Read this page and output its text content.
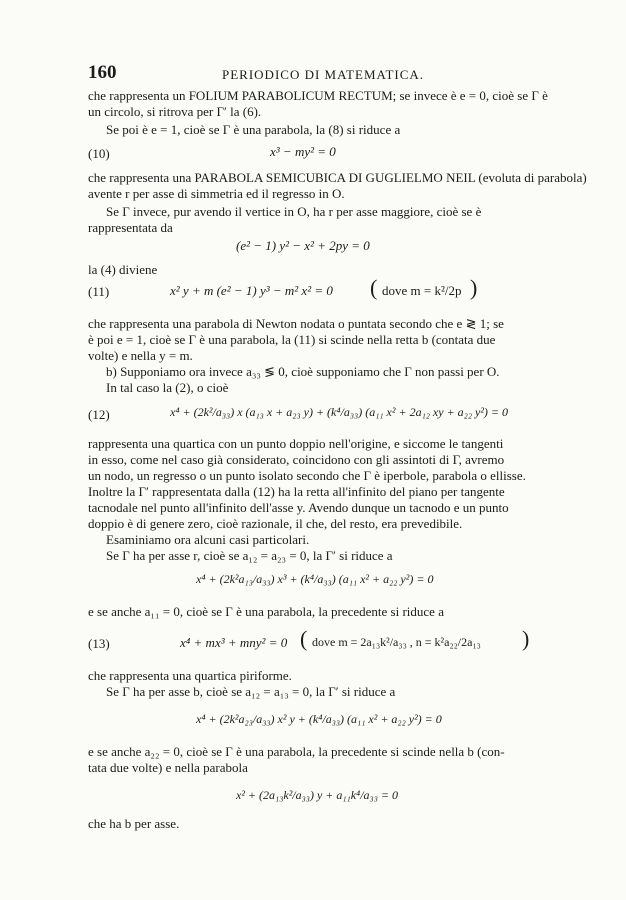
160	PERIODICO DI MATEMATICA.
che rappresenta un FOLIUM PARABOLICUM RECTUM; se invece è e = 0, cioè se Γ è
un circolo, si ritrova per Γ′ la (6).
Se poi è e = 1, cioè se Γ è una parabola, la (8) si riduce a
(10)	x³ − my² = 0
che rappresenta una PARABOLA SEMICUBICA DI GUGLIELMO NEIL (evoluta di parabola)
avente r per asse di simmetria ed il regresso in O.
Se Γ invece, pur avendo il vertice in O, ha r per asse maggiore, cioè se è
rappresentata da
(e² − 1) y² − x² + 2py = 0
la (4) diviene
(11)	x² y + m (e² − 1) y³ − m² x² = 0 ( dove m = k²/2p )
che rappresenta una parabola di Newton nodata o puntata secondo che e ≷ 1; se
è poi e = 1, cioè se Γ è una parabola, la (11) si scinde nella retta b (contata due
volte) e nella y = m.
b) Supponiamo ora invece a₃₃ ≶ 0, cioè supponiamo che Γ non passi per O.
In tal caso la (2), o cioè
(12)	x⁴ + (2k²/a₃₃) x (a₁₃ x + a₂₃ y) + (k⁴/a₃₃) (a₁₁ x² + 2a₁₂ xy + a₂₂ y²) = 0
rappresenta una quartica con un punto doppio nell'origine, e siccome le tangenti
in esso, come nel caso già considerato, coincidono con gli assintoti di Γ, avremo
un nodo, un regresso o un punto isolato secondo che Γ è iperbole, parabola o ellisse.
Inoltre la Γ′ rappresentata dalla (12) ha la retta all'infinito del piano per tangente
tacnodale nel punto all'infinito dell'asse y. Avendo dunque un tacnodo e un punto
doppio è di genere zero, cioè razionale, il che, del resto, era prevedibile.
Esaminiamo ora alcuni casi particolari.
Se Γ ha per asse r, cioè se a₁₂ = a₂₃ = 0, la Γ′ si riduce a
x⁴ + (2k²a₁₃/a₃₃) x³ + (k⁴/a₃₃) (a₁₁ x² + a₂₂ y²) = 0
e se anche a₁₁ = 0, cioè se Γ è una parabola, la precedente si riduce a
(13)	x⁴ + mx³ + mny² = 0 ( dove m = 2a₁₃k²/a₃₃ , n = k²a₂₂/2a₁₃ )
che rappresenta una quartica piriforme.
Se Γ ha per asse b, cioè se a₁₂ = a₁₃ = 0, la Γ′ si riduce a
x⁴ + (2k²a₂₃/a₃₃) x² y + (k⁴/a₃₃) (a₁₁ x² + a₂₂ y²) = 0
e se anche a₂₂ = 0, cioè se Γ è una parabola, la precedente si scinde nella b (con-
tata due volte) e nella parabola
x² + (2a₁₃k²/a₃₃) y + a₁₁k⁴/a₃₃ = 0
che ha b per asse.
